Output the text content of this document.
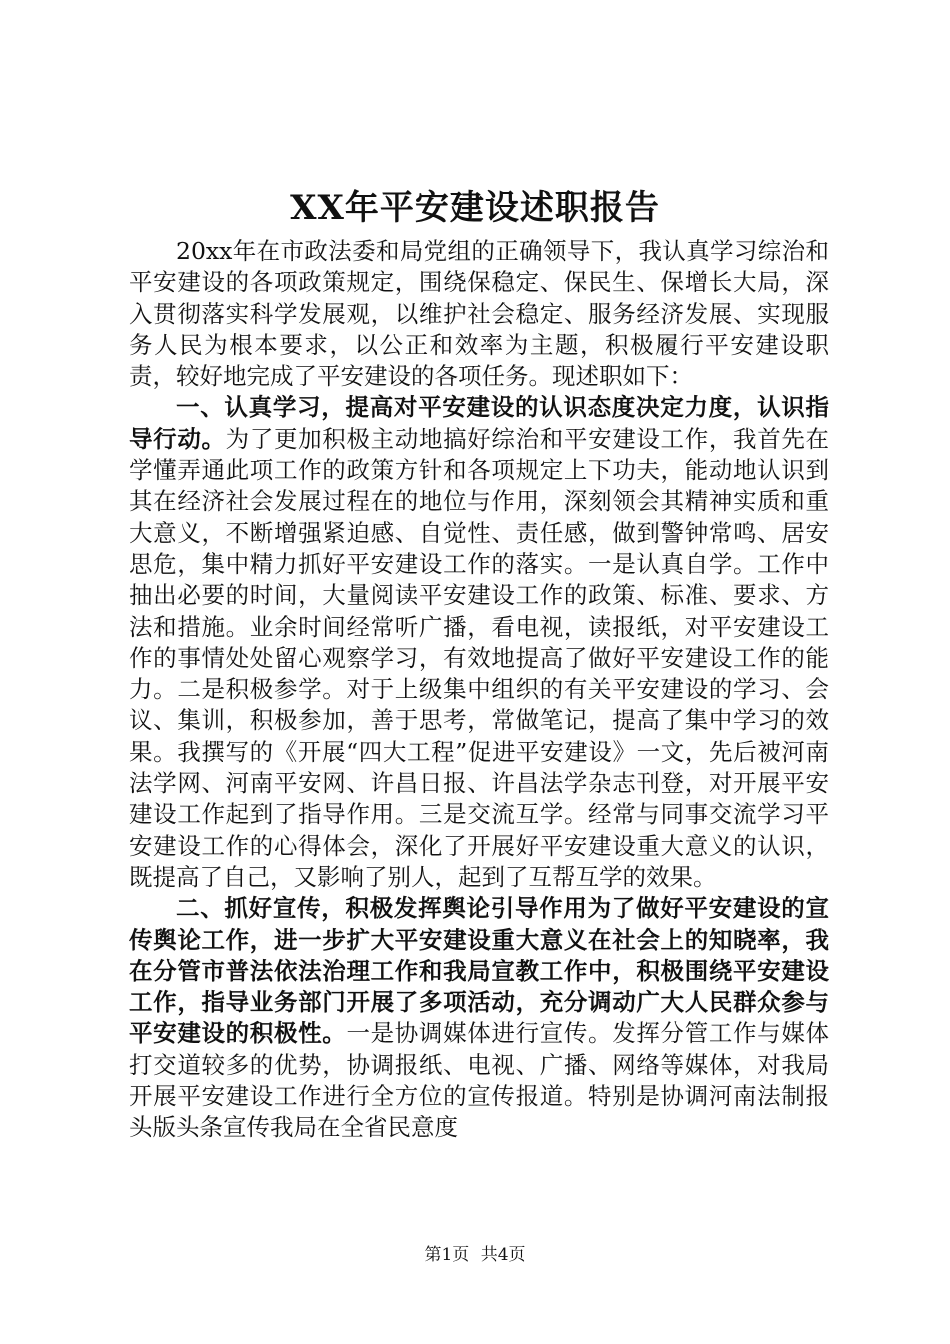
XX年平安建设述职报告

20xx年在市政法委和局党组的正确领导下，我认真学习综治和平安建设的各项政策规定，围绕保稳定、保民生、保增长大局，深入贯彻落实科学发展观，以维护社会稳定、服务经济发展、实现服务人民为根本要求，以公正和效率为主题，积极履行平安建设职责，较好地完成了平安建设的各项任务。现述职如下：

一、认真学习，提高对平安建设的认识态度决定力度，认识指导行动。为了更加积极主动地搞好综治和平安建设工作，我首先在学懂弄通此项工作的政策方针和各项规定上下功夫，能动地认识到其在经济社会发展过程在的地位与作用，深刻领会其精神实质和重大意义，不断增强紧迫感、自觉性、责任感，做到警钟常鸣、居安思危，集中精力抓好平安建设工作的落实。一是认真自学。工作中抽出必要的时间，大量阅读平安建设工作的政策、标准、要求、方法和措施。业余时间经常听广播，看电视，读报纸，对平安建设工作的事情处处留心观察学习，有效地提高了做好平安建设工作的能力。二是积极参学。对于上级集中组织的有关平安建设的学习、会议、集训，积极参加，善于思考，常做笔记，提高了集中学习的效果。我撰写的《开展“四大工程”促进平安建设》一文，先后被河南法学网、河南平安网、许昌日报、许昌法学杂志刊登，对开展平安建设工作起到了指导作用。三是交流互学。经常与同事交流学习平安建设工作的心得体会，深化了开展好平安建设重大意义的认识，既提高了自己，又影响了别人，起到了互帮互学的效果。

二、抓好宣传，积极发挥舆论引导作用为了做好平安建设的宣传舆论工作，进一步扩大平安建设重大意义在社会上的知晓率，我在分管市普法依法治理工作和我局宣教工作中，积极围绕平安建设工作，指导业务部门开展了多项活动，充分调动广大人民群众参与平安建设的积极性。一是协调媒体进行宣传。发挥分管工作与媒体打交道较多的优势，协调报纸、电视、广播、网络等媒体，对我局开展平安建设工作进行全方位的宣传报道。特别是协调河南法制报头版头条宣传我局在全省民意度

第1页 共4页
